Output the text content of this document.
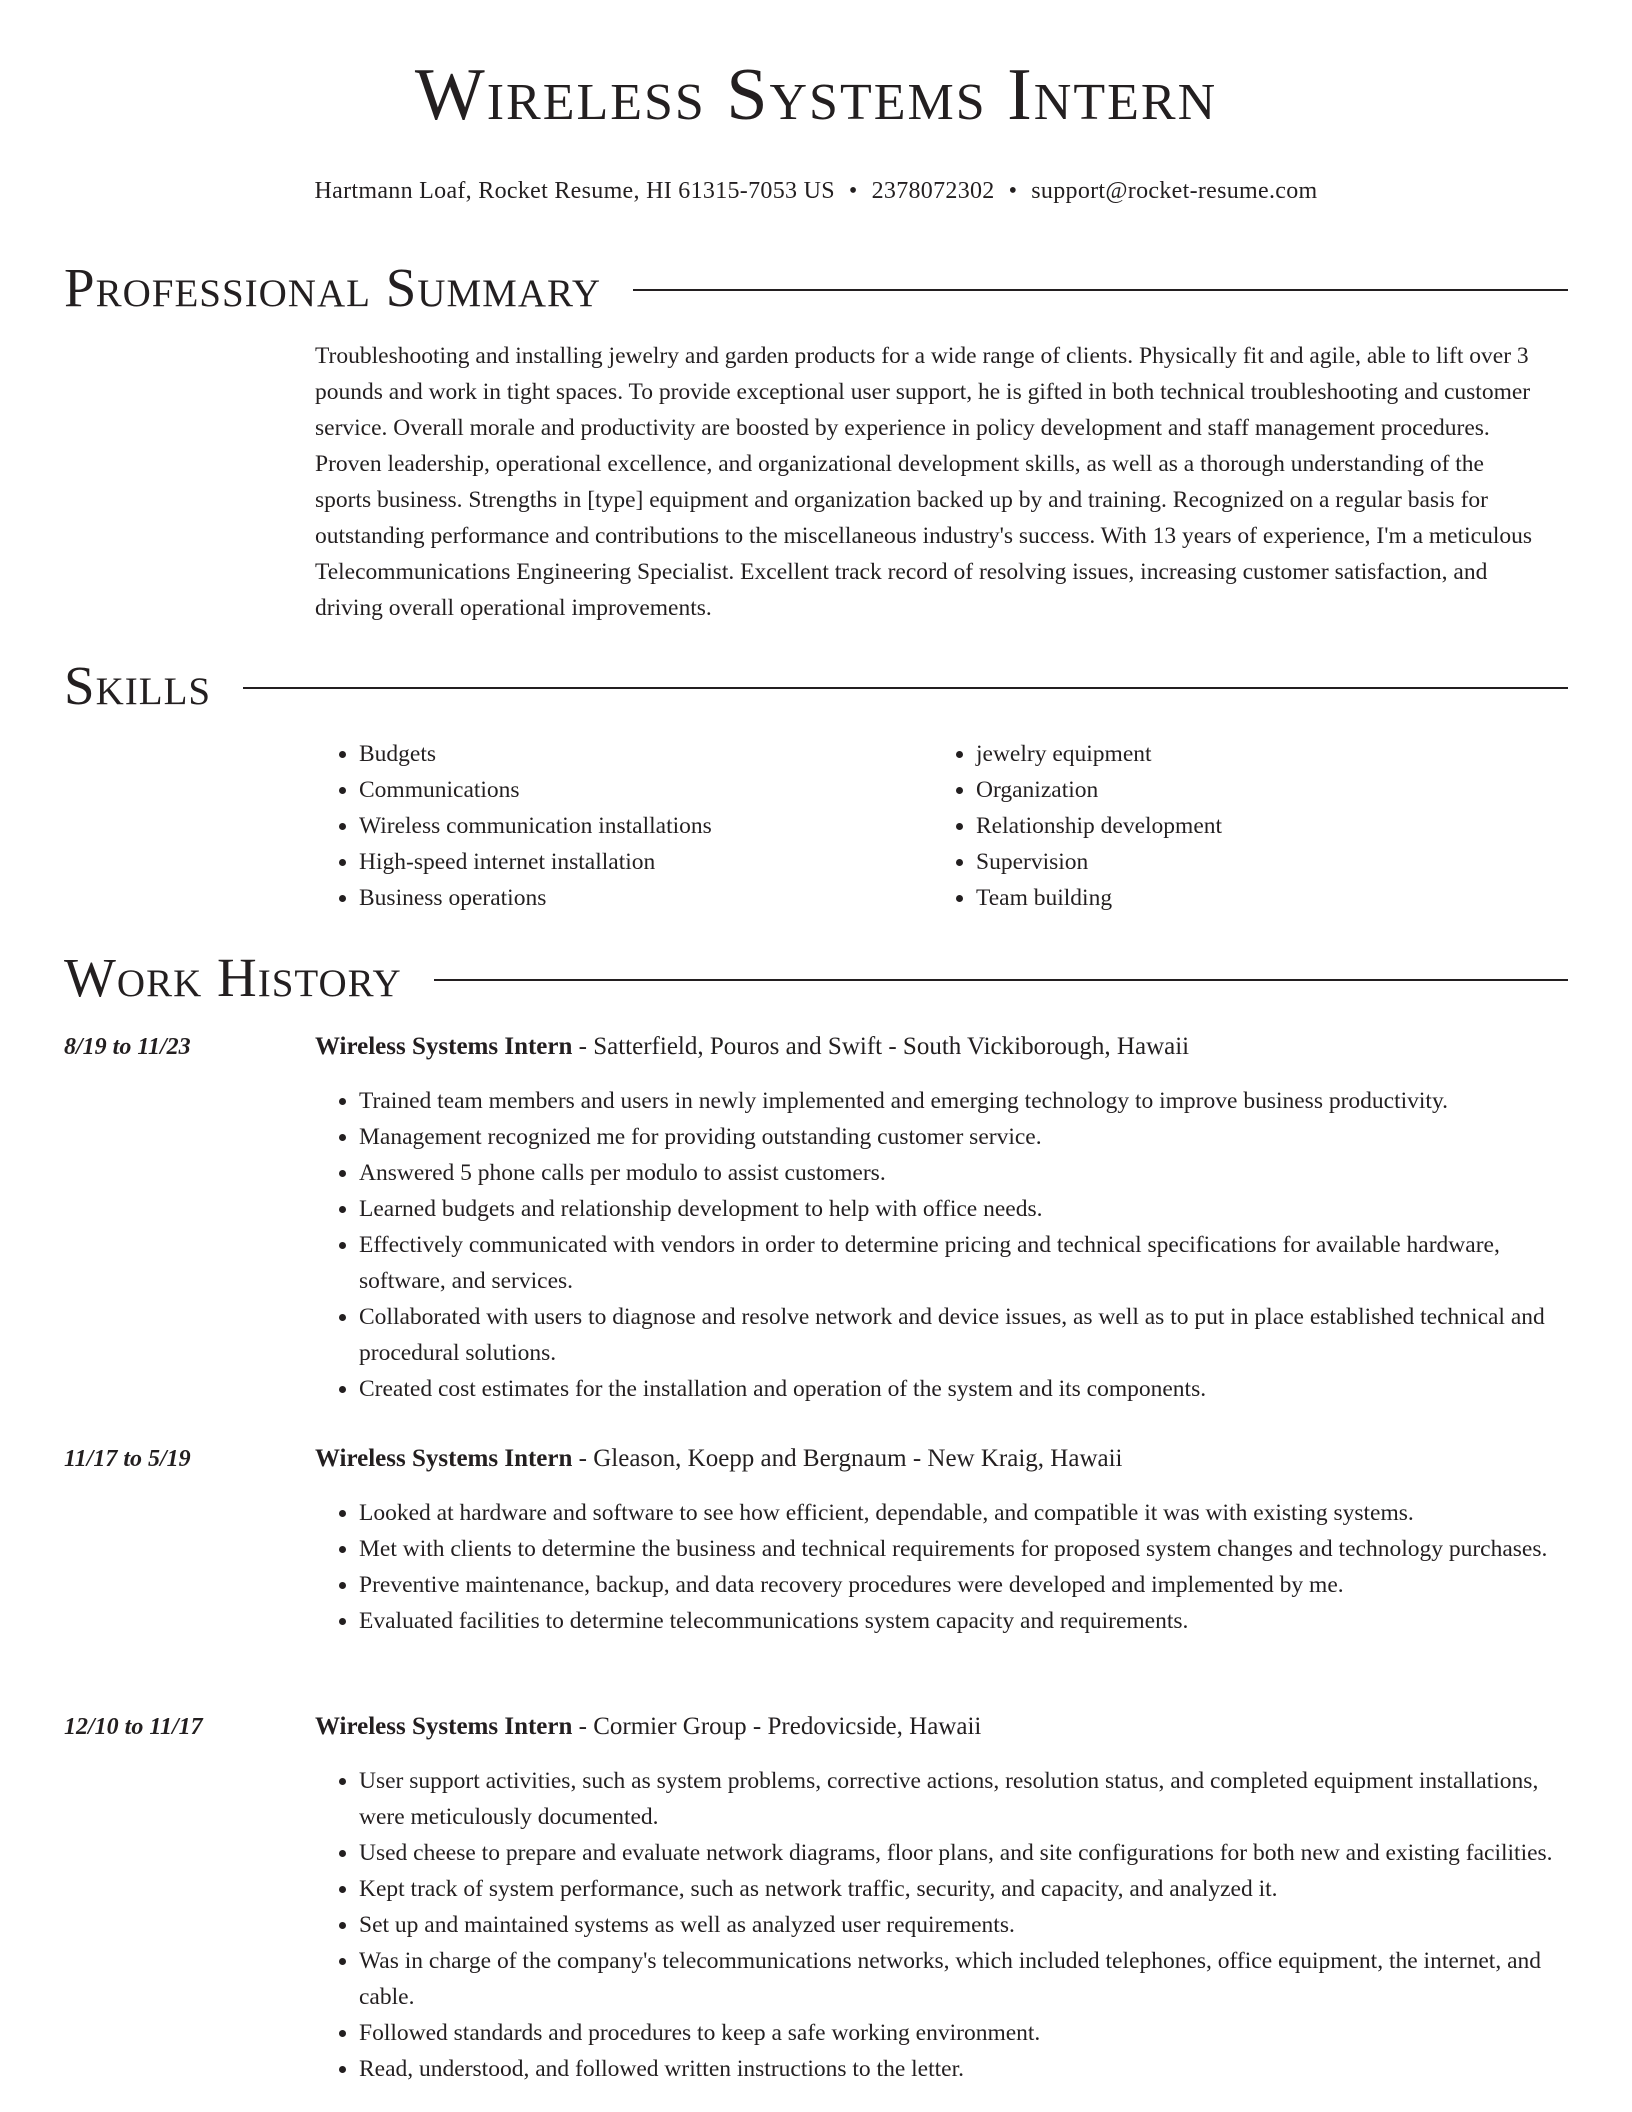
Wireless Systems Intern
Hartmann Loaf, Rocket Resume, HI 61315-7053 US • 2378072302 • support@rocket-resume.com
Professional Summary

Troubleshooting and installing jewelry and garden products for a wide range of clients. Physically fit and agile, able to lift over 3 pounds and work in tight spaces. To provide exceptional user support, he is gifted in both technical troubleshooting and customer service. Overall morale and productivity are boosted by experience in policy development and staff management procedures. Proven leadership, operational excellence, and organizational development skills, as well as a thorough understanding of the sports business. Strengths in [type] equipment and organization backed up by and training. Recognized on a regular basis for outstanding performance and contributions to the miscellaneous industry's success. With 13 years of experience, I'm a meticulous Telecommunications Engineering Specialist. Excellent track record of resolving issues, increasing customer satisfaction, and driving overall operational improvements.

Skills
• Budgets
• Communications
• Wireless communication installations
• High-speed internet installation
• Business operations
• jewelry equipment
• Organization
• Relationship development
• Supervision
• Team building
Work History
8/19 to 11/23	Wireless Systems Intern - Satterfield, Pouros and Swift - South Vickiborough, Hawaii
• Trained team members and users in newly implemented and emerging technology to improve business productivity.
• Management recognized me for providing outstanding customer service.
• Answered 5 phone calls per modulo to assist customers.
• Learned budgets and relationship development to help with office needs.
• Effectively communicated with vendors in order to determine pricing and technical specifications for available hardware, software, and services.
• Collaborated with users to diagnose and resolve network and device issues, as well as to put in place established technical and procedural solutions.
• Created cost estimates for the installation and operation of the system and its components.
11/17 to 5/19	Wireless Systems Intern - Gleason, Koepp and Bergnaum - New Kraig, Hawaii
• Looked at hardware and software to see how efficient, dependable, and compatible it was with existing systems.
• Met with clients to determine the business and technical requirements for proposed system changes and technology purchases.
• Preventive maintenance, backup, and data recovery procedures were developed and implemented by me.
• Evaluated facilities to determine telecommunications system capacity and requirements.
12/10 to 11/17	Wireless Systems Intern - Cormier Group - Predovicside, Hawaii
• User support activities, such as system problems, corrective actions, resolution status, and completed equipment installations, were meticulously documented.
• Used cheese to prepare and evaluate network diagrams, floor plans, and site configurations for both new and existing facilities.
• Kept track of system performance, such as network traffic, security, and capacity, and analyzed it.
• Set up and maintained systems as well as analyzed user requirements.
• Was in charge of the company's telecommunications networks, which included telephones, office equipment, the internet, and cable.
• Followed standards and procedures to keep a safe working environment.
• Read, understood, and followed written instructions to the letter.
